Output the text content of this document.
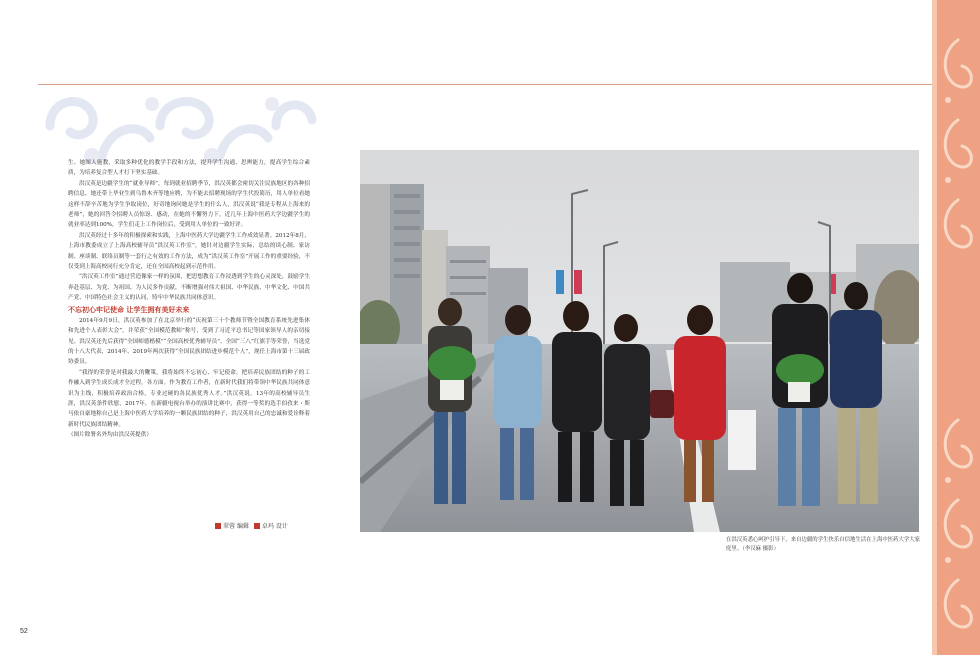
生、她图人施教，采取多种优化的教学手段和方法，提升学生沟通、思辨能力，提高学生综合素质，为培养复合型人才打下坚实基础。

洪汉英是边疆学生的“就业导师”，每到就业招聘季节，洪汉英都会密切关注民族地区的各种招聘信息，她还带上毕业生到乌鲁木齐等地应聘，为不能去招聘现场的学生代投简历，用人单位看她这样不辞辛苦地为学生争取岗位，好奇地询问她是学生的什么人，洪汉英说“我是专程从上海来的老师”，她的回答令招聘人员惊讶、感动，在她的不懈努力下，近几年上海中医药大学边疆学生的就业率达到100%，学生们走上工作岗位后，受到用人单位的一致好评。

洪汉英经过十多年的积极探索和实践，上海中医药大学边疆学生工作成效显著。2012年8月，上海市教委成立了上海高校辅导员“洪汉英工作室”，她针对边疆学生实际，总结的谈心制、家访制、座谈制、联络员制等一套行之有效的工作方法，成为“洪汉英工作室”开展工作的重要经验，不仅受到上海高校同行充分肯定，还在全国高校起到示范作用。

“洪汉英工作室”通过营造像家一样的氛围，把思想教育工作浸透到学生的心灵深处，鼓励学生奔赴基层、为党、为祖国、为人民多作贡献，不断增强对伟大祖国、中华民族、中华文化、中国共产党、中国特色社会主义的认同，铸牢中华民族共同体意识。

不忘初心牢记使命 让学生拥有美好未来

2014年9月9日，洪汉英参加了在北京举行的“庆祝第三十个教师节暨全国教育系统先进集体和先进个人表彰大会”，并荣获“全国模范教师”称号，受到了习近平总书记等国家领导人的亲切接见。洪汉英还先后获得“全国师德楷模”“全国高校优秀辅导员”、全国“三八”红旗手等荣誉，当选党的十八大代表，2014年、2019年两次获得“全国民族团结进步模范个人”，现任上海市第十三届政协委员。

“我得的荣誉是对我最大的鞭策，我将始终不忘初心、牢记使命，把培养民族团结的种子的工作融入到学生成长成才全过程，各方面。作为教育工作者，在新时代我们将带领中华民族共同体意识为主线，积极培养政治合格，专业过硬的各民族优秀人才。”洪汉英说。13年的高校辅导员生涯，洪汉英条件欣慰，2017年，在新疆电视台举办的演讲比赛中，获得一等奖的选手伯孜来・斯马依自豪地称自己是上海中医药大学培养的一颗民族团结的种子，洪汉英用自己的忠诚和爱诠释着新时代民族团结精神。

（图片除署名外均由洪汉英提供）

翠蓉 编辑 卓玛 设计
在洪汉英悉心呵护引导下，来自边疆的学生快乐自信地生活在上海中医药大学大家庭里。（李汉麻 摄影）
52
